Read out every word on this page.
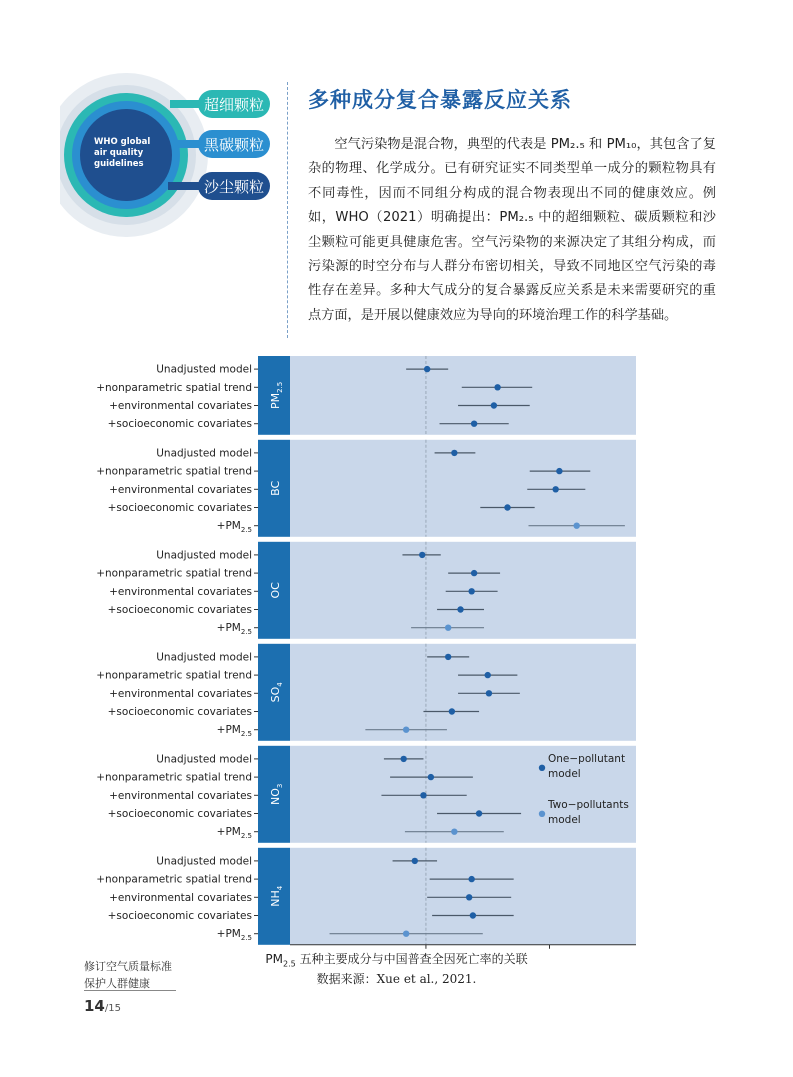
WHO global
air quality
guidelines
超细颗粒
黑碳颗粒
沙尘颗粒
多种成分复合暴露反应关系

空气污染物是混合物，典型的代表是 PM₂.₅ 和 PM₁₀，其包含了复杂的物理、化学成分。已有研究证实不同类型单一成分的颗粒物具有不同毒性，因而不同组分构成的混合物表现出不同的健康效应。例如，WHO（2021）明确提出：PM₂.₅ 中的超细颗粒、碳质颗粒和沙尘颗粒可能更具健康危害。空气污染物的来源决定了其组分构成，而污染源的时空分布与人群分布密切相关，导致不同地区空气污染的毒性存在差异。多种大气成分的复合暴露反应关系是未来需要研究的重点方面，是开展以健康效应为导向的环境治理工作的科学基础。

$PM_{2.5}$
Unadjusted model
+nonparametric spatial trend
+environmental covariates
+socioeconomic covariates
BC
Unadjusted model
+nonparametric spatial trend
+environmental covariates
+socioeconomic covariates
$+PM_{2.5}$
OC
Unadjusted model
+nonparametric spatial trend
+environmental covariates
+socioeconomic covariates
$+PM_{2.5}$
$SO_4$
Unadjusted model
+nonparametric spatial trend
+environmental covariates
+socioeconomic covariates
$+PM_{2.5}$
$NO_3$
Unadjusted model
+nonparametric spatial trend
+environmental covariates
+socioeconomic covariates
$+PM_{2.5}$
$NH_4$
Unadjusted model
+nonparametric spatial trend
+environmental covariates
+socioeconomic covariates
$+PM_{2.5}$
One−pollutant
model
Two−pollutants
model
$PM_{2.5}$ 五种主要成分与中国普查全因死亡率的关联
数据来源：Xue et al., 2021.
修订空气质量标准
保护人群健康
14/15
